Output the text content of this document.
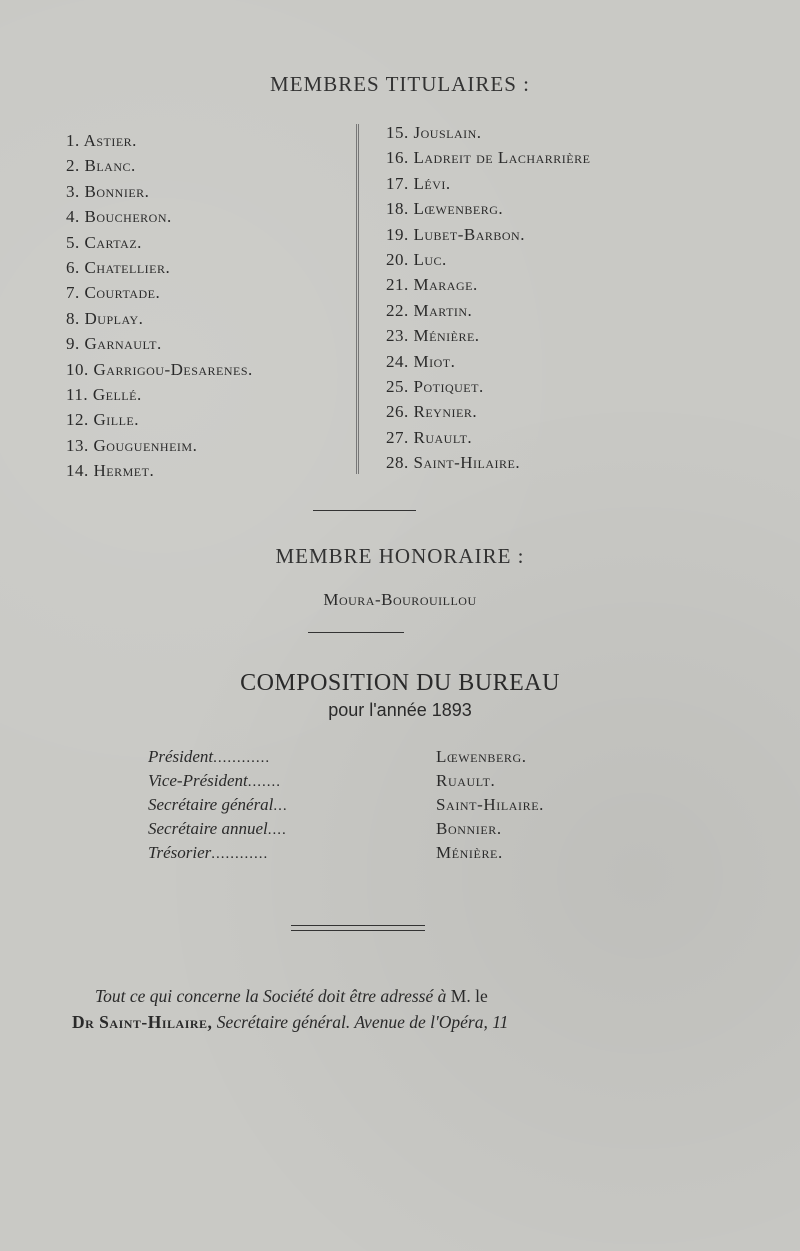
MEMBRES TITULAIRES :
1. Astier.
2. Blanc.
3. Bonnier.
4. Boucheron.
5. Cartaz.
6. Chatellier.
7. Courtade.
8. Duplay.
9. Garnault.
10. Garrigou-Desarenes.
11. Gellé.
12. Gille.
13. Gouguenheim.
14. Hermet.
15. Jouslain.
16. Ladreit de Lacharrière
17. Lévi.
18. Lœwenberg.
19. Lubet-Barbon.
20. Luc.
21. Marage.
22. Martin.
23. Ménière.
24. Miot.
25. Potiquet.
26. Reynier.
27. Ruault.
28. Saint-Hilaire.
MEMBRE HONORAIRE :
Moura-Bourouillou
COMPOSITION DU BUREAU
pour l'année 1893
Président............	Lœwenberg.
Vice-Président.......	Ruault.
Secrétaire général...	Saint-Hilaire.
Secrétaire annuel....	Bonnier.
Trésorier............	Ménière.
Tout ce qui concerne la Société doit être adressé à M. le
Dr Saint-Hilaire, Secrétaire général. Avenue de l'Opéra, 11
